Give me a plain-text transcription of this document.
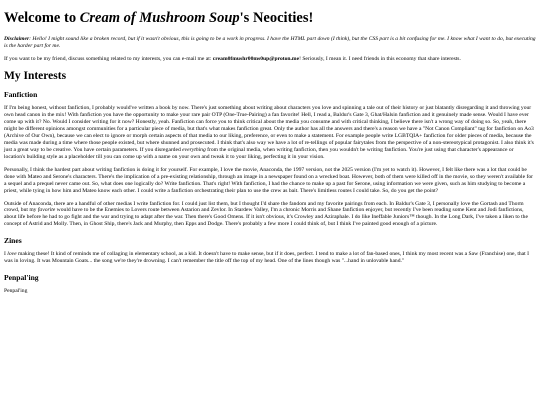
Welcome to Cream of Mushroom Soup's Neocities!

Disclaimer: Hello! I might sound like a broken record, but if it wasn't obvious, this is going to be a work in progress. I have the HTML part down (I think), but the CSS part is a bit confusing for me. I know what I want to do, but executing is the harder part for me.

If you want to be my friend, discuss something related to my interests, you can e-mail me at: cream0fmushr00ms0up@proton.me! Seriously, I mean it. I need friends in this economy that share interests.

My Interests
Fanfiction

If I'm being honest, without fanfiction, I probably would've written a book by now. There's just something about writing about characters you love and spinning a tale out of their history or just blatantly disregarding it and throwing your own head canon in the mix! With fanfiction you have the opportunity to make your rare pair OTP (One-True-Pairing) a fan favorite! Hell, I read a, Baldur's Gate 3, Ghat/Halsin fanfiction and it genuinely made sense. Would I have ever come up with it? No. Would I consider writing for it now? Honestly, yeah. Fanfiction can force you to think critical about the media you consume and with critical thinking, I believe there isn't a wrong way of doing so. So, yeah, there might be different opinions amongst communities for a particular piece of media, but that's what makes fanfiction great. Only the author has all the answers and there's a reason we have a "Not Canon Compliant" tag for fanfiction on Ao3 (Archive of Our Own), because we can elect to ignore or morph certain aspects of that media to our liking, preference, or even to make a statement. For example people write LGBTQIA+ fanfiction for older pieces of media, because the media was made during a time where those people existed, but where shunned and prosecuted. I think that's also way we have a lot of re-tellings of popular fairytales from the perspective of a non-stereotypical protagonist. I also think it's just a great way to be creative. You have certain parameters. If you disregarded everything from the original media, when writing fanfiction, then you wouldn't be writing fanfiction. You're just using that character's appearance or location's building style as a placeholder till you can come up with a name on your own and tweak it to your liking, perfecting it in your vision.

Personally, I think the hardest part about writing fanfiction is doing it for yourself. For example, I love the movie, Anaconda, the 1997 version, not the 2025 version (I'm yet to watch it). However, I felt like there was a lot that could be done with Mateo and Serone's characters. There's the implication of a pre-existing relationship, through an image in a newspaper found on a wrecked boat. However, both of them were killed off in the movie, so they weren't available for a sequel and a prequel never came out. So, what does one logically do? Write fanfiction. That's right! With fanfiction, I had the chance to make up a past for Serone, using information we were given, such as him studying to become a priest, while tying in how him and Mateo know each other. I could write a fanfiction orchestrating their plan to use the crew as bait. There's limitless routes I could take. So, do you get the point?

Outside of Anaconda, there are a handful of other medias I write fanfiction for. I could just list them, but I thought I'd share the fandom and my favorite pairings from each. In Baldur's Gate 3, I personally love the Gortash and Thorm crowd, but my favorite would have to be the Enemies to Lovers route between Astarion and Zevlor. In Stardew Valley, I'm a chronic Morris and Shane fanfiction enjoyer, but recently I've been reading some Kent and Jodi fanfictions, about life before he had to go fight and the war and trying to adapt after the war. Then there's Good Omens. If it isn't obvious, it's Crowley and Aziraphale. I do like Ineffable Juniors™ though. In the Long Dark, I've taken a liken to the concept of Astrid and Molly. Then, in Ghost Ship, there's Jack and Murphy, then Epps and Dodge. There's probably a few more I could think of, but I think I've painted good enough of a picture.

Zines

I love making these! It kind of reminds me of collaging in elementary school, as a kid. It doesn't have to make sense, but if it does, perfect. I tend to make a lot of fan-based ones, I think my most recent was a Saw (Franchise) one, that I was in loving. It was Mountain Goats... the song we're they're drowning. I can't remember the title off the top of my head. One of the lines though was "...hand in unlovable hand."

Penpal'ing

Penpal'ing
